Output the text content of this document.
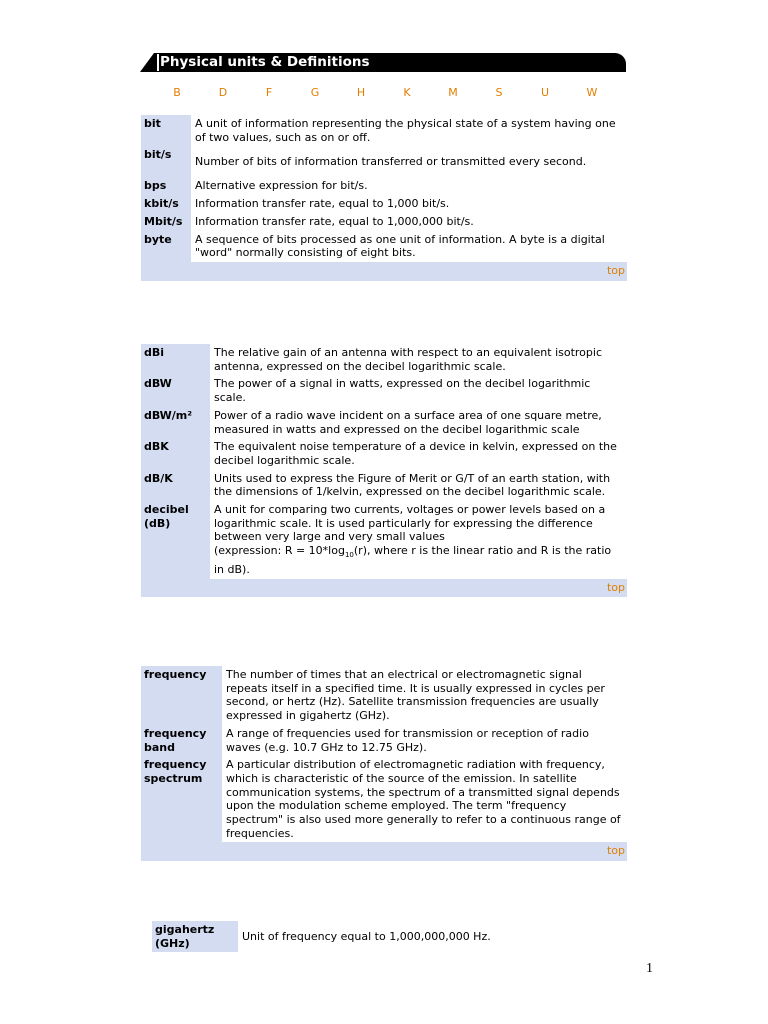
Physical units & Definitions
B	D	F	G	H	K	M	S	U	W
bit	A unit of information representing the physical state of a system having one of two values, such as on or off.
bit/s	Number of bits of information transferred or transmitted every second.
bps	Alternative expression for bit/s.
kbit/s	Information transfer rate, equal to 1,000 bit/s.
Mbit/s	Information transfer rate, equal to 1,000,000 bit/s.
byte	A sequence of bits processed as one unit of information. A byte is a digital "word" normally consisting of eight bits.
top	
dBi	The relative gain of an antenna with respect to an equivalent isotropic antenna, expressed on the decibel logarithmic scale.
dBW	The power of a signal in watts, expressed on the decibel logarithmic scale.
dBW/m²	Power of a radio wave incident on a surface area of one square metre, measured in watts and expressed on the decibel logarithmic scale
dBK	The equivalent noise temperature of a device in kelvin, expressed on the decibel logarithmic scale.
dB/K	Units used to express the Figure of Merit or G/T of an earth station, with the dimensions of 1/kelvin, expressed on the decibel logarithmic scale.
decibel (dB)	A unit for comparing two currents, voltages or power levels based on a logarithmic scale. It is used particularly for expressing the difference between very large and very small values
(expression: $R = 10*\log_{10}(r)$, where r is the linear ratio and R is the ratio in dB).
top	
frequency	The number of times that an electrical or electromagnetic signal repeats itself in a specified time. It is usually expressed in cycles per second, or hertz (Hz). Satellite transmission frequencies are usually expressed in gigahertz (GHz).
frequency band	A range of frequencies used for transmission or reception of radio waves (e.g. 10.7 GHz to 12.75 GHz).
frequency spectrum	A particular distribution of electromagnetic radiation with frequency, which is characteristic of the source of the emission. In satellite communication systems, the spectrum of a transmitted signal depends upon the modulation scheme employed. The term "frequency spectrum" is also used more generally to refer to a continuous range of frequencies.
top	
gigahertz (GHz)	Unit of frequency equal to 1,000,000,000 Hz.
1
